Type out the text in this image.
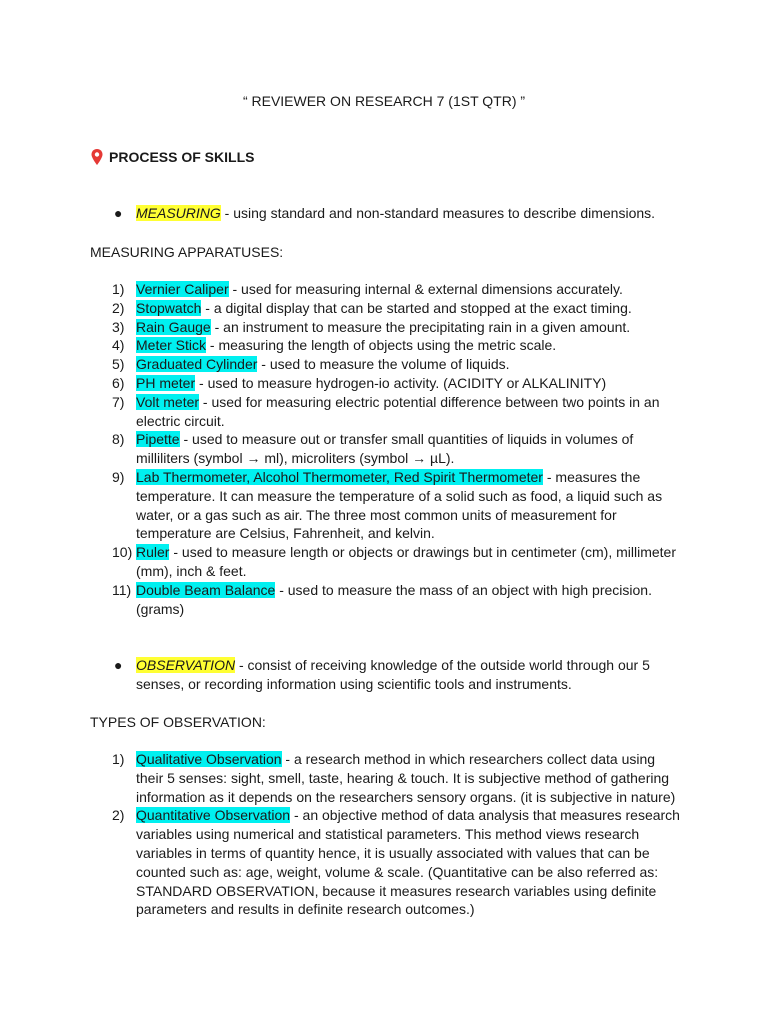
“ REVIEWER ON RESEARCH 7 (1ST QTR) ”
PROCESS OF SKILLS
● MEASURING - using standard and non-standard measures to describe dimensions.
MEASURING APPARATUSES:
1) Vernier Caliper - used for measuring internal & external dimensions accurately.
2) Stopwatch - a digital display that can be started and stopped at the exact timing.
3) Rain Gauge - an instrument to measure the precipitating rain in a given amount.
4) Meter Stick - measuring the length of objects using the metric scale.
5) Graduated Cylinder - used to measure the volume of liquids.
6) PH meter - used to measure hydrogen-io activity. (ACIDITY or ALKALINITY)
7) Volt meter - used for measuring electric potential difference between two points in an electric circuit.
8) Pipette - used to measure out or transfer small quantities of liquids in volumes of milliliters (symbol → ml), microliters (symbol → µL).
9) Lab Thermometer, Alcohol Thermometer, Red Spirit Thermometer - measures the temperature. It can measure the temperature of a solid such as food, a liquid such as water, or a gas such as air. The three most common units of measurement for temperature are Celsius, Fahrenheit, and kelvin.
10) Ruler - used to measure length or objects or drawings but in centimeter (cm), millimeter (mm), inch & feet.
11) Double Beam Balance - used to measure the mass of an object with high precision. (grams)
● OBSERVATION - consist of receiving knowledge of the outside world through our 5 senses, or recording information using scientific tools and instruments.
TYPES OF OBSERVATION:
1) Qualitative Observation - a research method in which researchers collect data using their 5 senses: sight, smell, taste, hearing & touch. It is subjective method of gathering information as it depends on the researchers sensory organs. (it is subjective in nature)
2) Quantitative Observation - an objective method of data analysis that measures research variables using numerical and statistical parameters. This method views research variables in terms of quantity hence, it is usually associated with values that can be counted such as: age, weight, volume & scale. (Quantitative can be also referred as: STANDARD OBSERVATION, because it measures research variables using definite parameters and results in definite research outcomes.)
